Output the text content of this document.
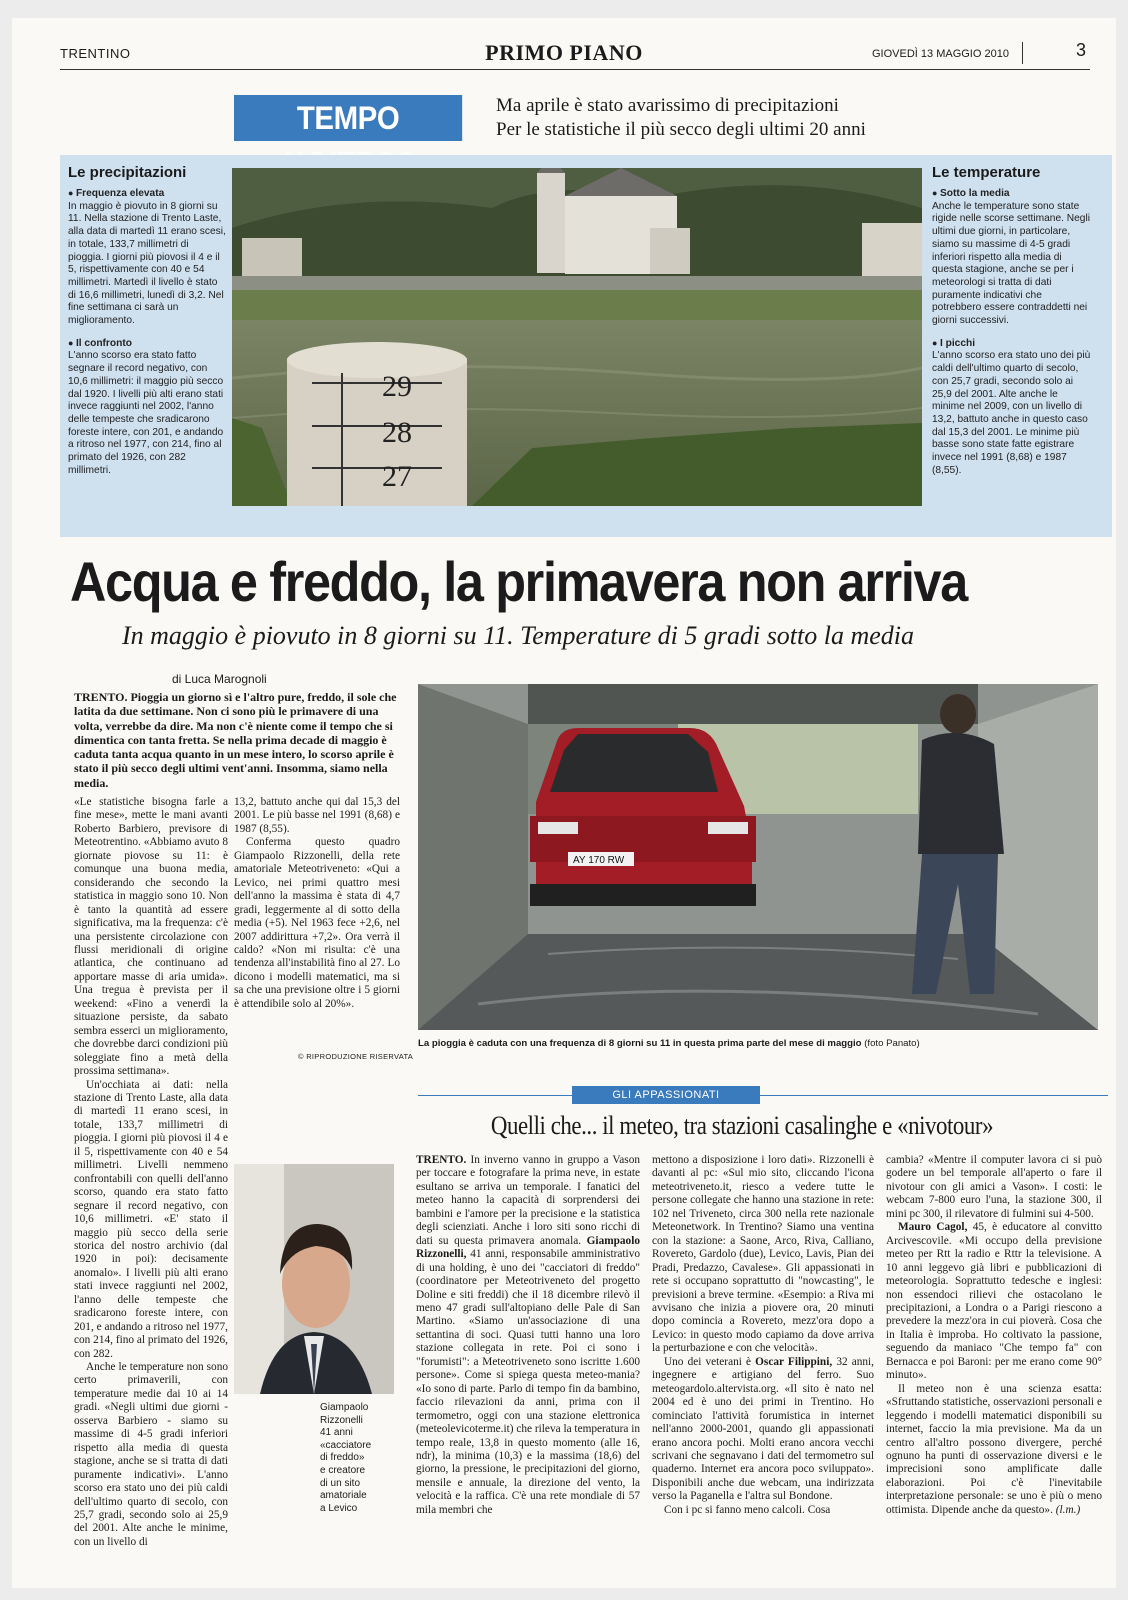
TRENTINO	PRIMO PIANO	GIOVEDÌ 13 MAGGIO 2010	3
TEMPO	Ma aprile è stato avarissimo di precipitazioni
Per le statistiche il più secco degli ultimi 20 anni
Le precipitazioni
● Frequenza elevata
In maggio è piovuto in 8 giorni su 11. Nella stazione di Trento Laste, alla data di martedì 11 erano scesi, in totale, 133,7 millimetri di pioggia. I giorni più piovosi il 4 e il 5, rispettivamente con 40 e 54 millimetri. Martedì il livello è stato di 16,6 millimetri, lunedì di 3,2. Nel fine settimana ci sarà un miglioramento.
● Il confronto
L'anno scorso era stato fatto segnare il record negativo, con 10,6 millimetri: il maggio più secco dal 1920. I livelli più alti erano stati invece raggiunti nel 2002, l'anno delle tempeste che sradicarono foreste intere, con 201, e andando a ritroso nel 1977, con 214, fino al primato del 1926, con 282 millimetri.
Le temperature
● Sotto la media
Anche le temperature sono state rigide nelle scorse settimane. Negli ultimi due giorni, in particolare, siamo su massime di 4-5 gradi inferiori rispetto alla media di questa stagione, anche se per i meteorologi si tratta di dati puramente indicativi che potrebbero essere contraddetti nei giorni successivi.
● I picchi
L'anno scorso era stato uno dei più caldi dell'ultimo quarto di secolo, con 25,7 gradi, secondo solo ai 25,9 del 2001. Alte anche le minime nel 2009, con un livello di 13,2, battuto anche in questo caso dal 15,3 del 2001. Le minime più basse sono state fatte egistrare invece nel 1991 (8,68) e 1987 (8,55).
29
28
27
Acqua e freddo, la primavera non arriva
In maggio è piovuto in 8 giorni su 11. Temperature di 5 gradi sotto la media
di Luca Marognoli
TRENTO. Pioggia un giorno sì e l'altro pure, freddo, il sole che latita da due settimane. Non ci sono più le primavere di una volta, verrebbe da dire. Ma non c'è niente come il tempo che si dimentica con tanta fretta. Se nella prima decade di maggio è caduta tanta acqua quanto in un mese intero, lo scorso aprile è stato il più secco degli ultimi vent'anni. Insomma, siamo nella media.

«Le statistiche bisogna farle a fine mese», mette le mani avanti Roberto Barbiero, previsore di Meteotrentino. «Abbiamo avuto 8 giornate piovose su 11: è comunque una buona media, considerando che secondo la statistica in maggio sono 10. Non è tanto la quantità ad essere significativa, ma la frequenza: c'è una persistente circolazione con flussi meridionali di origine atlantica, che continuano ad apportare masse di aria umida». Una tregua è prevista per il weekend: «Fino a venerdì la situazione persiste, da sabato sembra esserci un miglioramento, che dovrebbe darci condizioni più soleggiate fino a metà della prossima settimana».

Un'occhiata ai dati: nella stazione di Trento Laste, alla data di martedì 11 erano scesi, in totale, 133,7 millimetri di pioggia. I giorni più piovosi il 4 e il 5, rispettivamente con 40 e 54 millimetri. Livelli nemmeno confrontabili con quelli dell'anno scorso, quando era stato fatto segnare il record negativo, con 10,6 millimetri. «E' stato il maggio più secco della serie storica del nostro archivio (dal 1920 in poi): decisamente anomalo». I livelli più alti erano stati invece raggiunti nel 2002, l'anno delle tempeste che sradicarono foreste intere, con 201, e andando a ritroso nel 1977, con 214, fino al primato del 1926, con 282.

Anche le temperature non sono certo primaverili, con temperature medie dai 10 ai 14 gradi. «Negli ultimi due giorni - osserva Barbiero - siamo su massime di 4-5 gradi inferiori rispetto alla media di questa stagione, anche se si tratta di dati puramente indicativi». L'anno scorso era stato uno dei più caldi dell'ultimo quarto di secolo, con 25,7 gradi, secondo solo ai 25,9 del 2001. Alte anche le minime, con un livello di

13,2, battuto anche qui dal 15,3 del 2001. Le più basse nel 1991 (8,68) e 1987 (8,55).

Conferma questo quadro Giampaolo Rizzonelli, della rete amatoriale Meteotriveneto: «Qui a Levico, nei primi quattro mesi dell'anno la massima è stata di 4,7 gradi, leggermente al di sotto della media (+5). Nel 1963 fece +2,6, nel 2007 addirittura +7,2». Ora verrà il caldo? «Non mi risulta: c'è una tendenza all'instabilità fino al 27. Lo dicono i modelli matematici, ma si sa che una previsione oltre i 5 giorni è attendibile solo al 20%».

© RIPRODUZIONE RISERVATA
AY 170 RW
La pioggia è caduta con una frequenza di 8 giorni su 11 in questa prima parte del mese di maggio (foto Panato)
GLI APPASSIONATI
Quelli che... il meteo, tra stazioni casalinghe e «nivotour»
Giampaolo
Rizzonelli
41 anni
«cacciatore
di freddo»
e creatore
di un sito
amatoriale
a Levico

TRENTO. In inverno vanno in gruppo a Vason per toccare e fotografare la prima neve, in estate esultano se arriva un temporale. I fanatici del meteo hanno la capacità di sorprendersi dei bambini e l'amore per la precisione e la statistica degli scienziati. Anche i loro siti sono ricchi di dati su questa primavera anomala. Giampaolo Rizzonelli, 41 anni, responsabile amministrativo di una holding, è uno dei "cacciatori di freddo" (coordinatore per Meteotriveneto del progetto Doline e siti freddi) che il 18 dicembre rilevò il meno 47 gradi sull'altopiano delle Pale di San Martino. «Siamo un'associazione di una settantina di soci. Quasi tutti hanno una loro stazione collegata in rete. Poi ci sono i "forumisti": a Meteotriveneto sono iscritte 1.600 persone». Come si spiega questa meteo-mania? «Io sono di parte. Parlo di tempo fin da bambino, faccio rilevazioni da anni, prima con il termometro, oggi con una stazione elettronica (meteolevicoterme.it) che rileva la temperatura in tempo reale, 13,8 in questo momento (alle 16, ndr), la minima (10,3) e la massima (18,6) del giorno, la pressione, le precipitazioni del giorno, mensile e annuale, la direzione del vento, la velocità e la raffica. C'è una rete mondiale di 57 mila membri che

mettono a disposizione i loro dati». Rizzonelli è davanti al pc: «Sul mio sito, cliccando l'icona meteotriveneto.it, riesco a vedere tutte le persone collegate che hanno una stazione in rete: 102 nel Triveneto, circa 300 nella rete nazionale Meteonetwork. In Trentino? Siamo una ventina con la stazione: a Saone, Arco, Riva, Calliano, Rovereto, Gardolo (due), Levico, Lavis, Pian dei Pradi, Predazzo, Cavalese». Gli appassionati in rete si occupano soprattutto di "nowcasting", le previsioni a breve termine. «Esempio: a Riva mi avvisano che inizia a piovere ora, 20 minuti dopo comincia a Rovereto, mezz'ora dopo a Levico: in questo modo capiamo da dove arriva la perturbazione e con che velocità».

Uno dei veterani è Oscar Filippini, 32 anni, ingegnere e artigiano del ferro. Suo meteogardolo.altervista.org. «Il sito è nato nel 2004 ed è uno dei primi in Trentino. Ho cominciato l'attività forumistica in internet nell'anno 2000-2001, quando gli appassionati erano ancora pochi. Molti erano ancora vecchi scrivani che segnavano i dati del termometro sul quaderno. Internet era ancora poco sviluppato». Disponibili anche due webcam, una indirizzata verso la Paganella e l'altra sul Bondone.

Con i pc si fanno meno calcoli. Cosa

cambia? «Mentre il computer lavora ci si può godere un bel temporale all'aperto o fare il nivotour con gli amici a Vason». I costi: le webcam 7-800 euro l'una, la stazione 300, il mini pc 300, il rilevatore di fulmini sui 4-500.

Mauro Cagol, 45, è educatore al convitto Arcivescovile. «Mi occupo della previsione meteo per Rtt la radio e Rttr la televisione. A 10 anni leggevo già libri e pubblicazioni di meteorologia. Soprattutto tedesche e inglesi: non essendoci rilievi che ostacolano le precipitazioni, a Londra o a Parigi riescono a prevedere la mezz'ora in cui pioverà. Cosa che in Italia è improba. Ho coltivato la passione, seguendo da maniaco "Che tempo fa" con Bernacca e poi Baroni: per me erano come 90° minuto».

Il meteo non è una scienza esatta: «Sfruttando statistiche, osservazioni personali e leggendo i modelli matematici disponibili su internet, faccio la mia previsione. Ma da un centro all'altro possono divergere, perché ognuno ha punti di osservazione diversi e le imprecisioni sono amplificate dalle elaborazioni. Poi c'è l'inevitabile interpretazione personale: se uno è più o meno ottimista. Dipende anche da questo». (l.m.)
